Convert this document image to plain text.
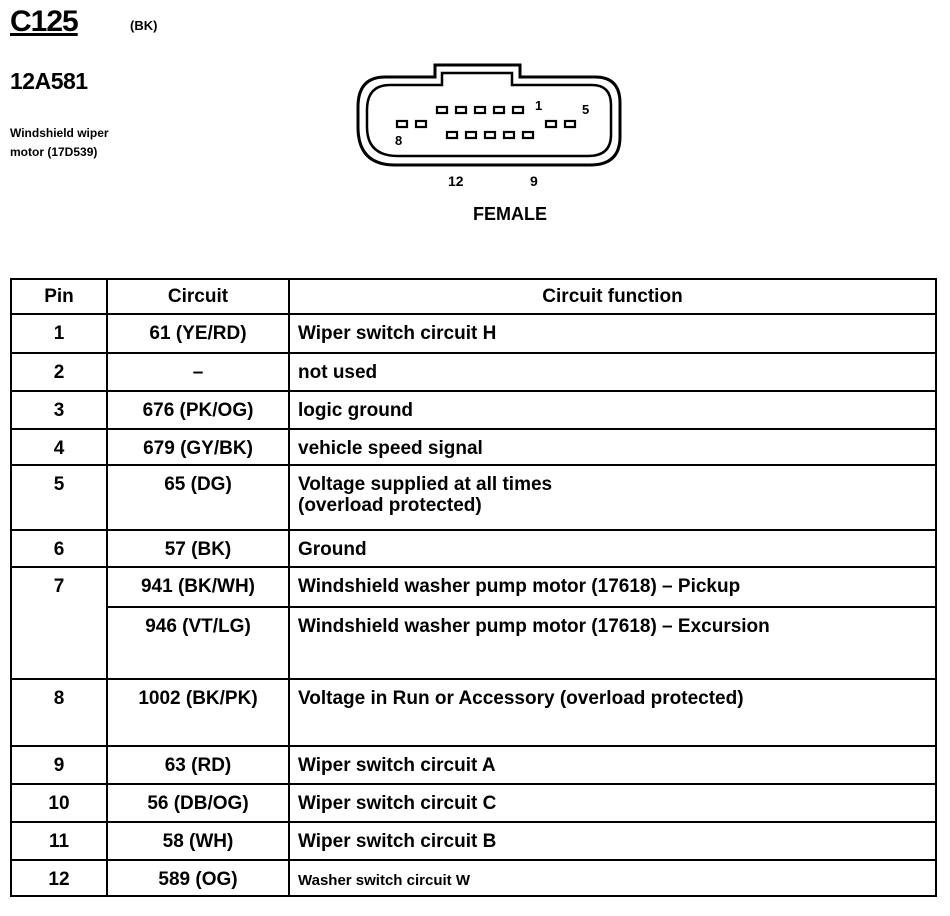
C125	(BK)
12A581
Windshield wiper
motor (17D539)
1	5
8
12	9
FEMALE
Pin	Circuit	Circuit function
1	61 (YE/RD)	Wiper switch circuit H
2	–	not used
3	676 (PK/OG)	logic ground
4	679 (GY/BK)	vehicle speed signal
5	65 (DG)	Voltage supplied at all times
(overload protected)

6	57 (BK)	Ground
7	941 (BK/WH)	Windshield washer pump motor (17618) – Pickup
	946 (VT/LG)	Windshield washer pump motor (17618) – Excursion
8	1002 (BK/PK)	Voltage in Run or Accessory (overload protected)
9	63 (RD)	Wiper switch circuit A
10	56 (DB/OG)	Wiper switch circuit C
11	58 (WH)	Wiper switch circuit B
12	589 (OG)	Washer switch circuit W
